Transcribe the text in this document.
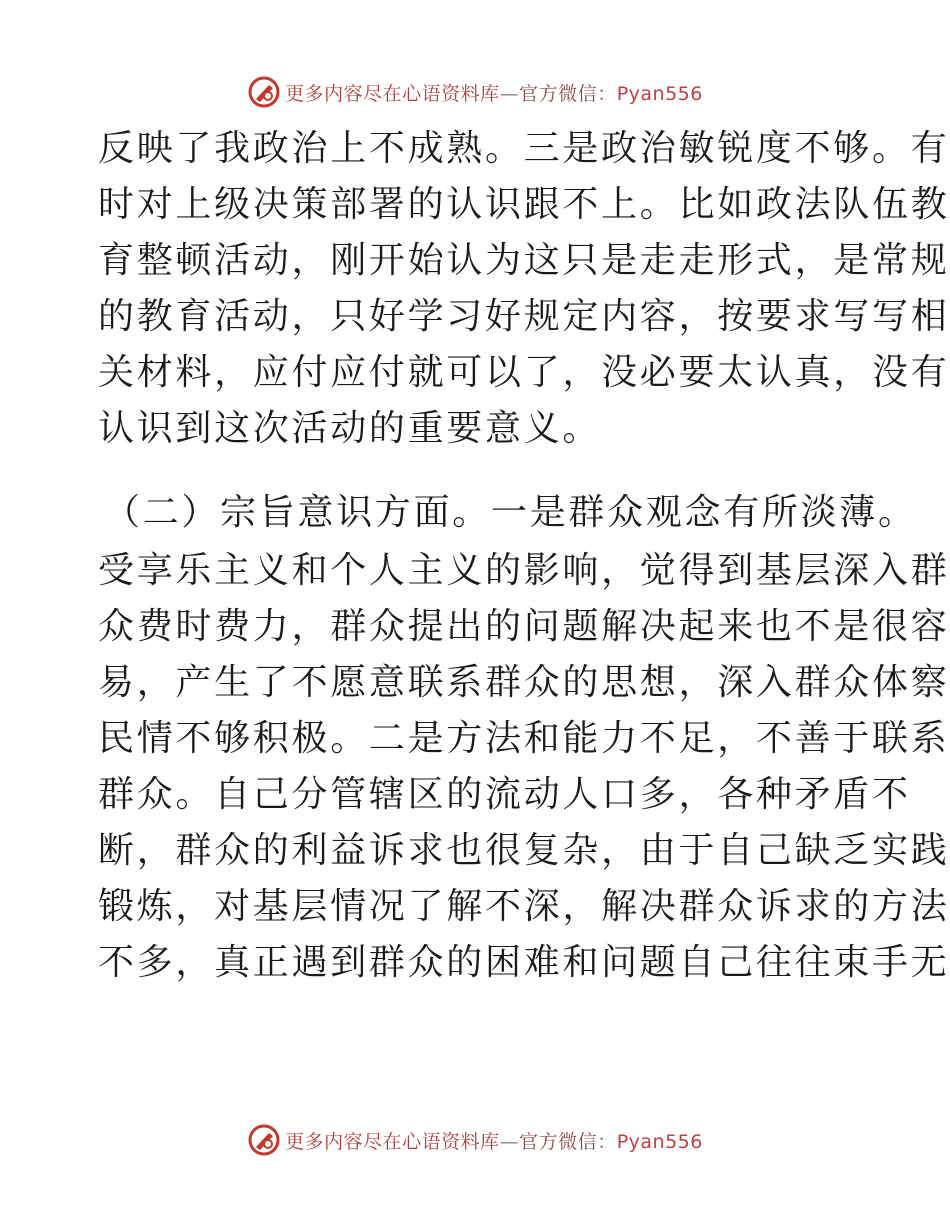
更多内容尽在心语资料库—官方微信：Pyan556
反映了我政治上不成熟。三是政治敏锐度不够。有
时对上级决策部署的认识跟不上。比如政法队伍教
育整顿活动，刚开始认为这只是走走形式，是常规
的教育活动，只好学习好规定内容，按要求写写相
关材料，应付应付就可以了，没必要太认真，没有
认识到这次活动的重要意义。
（二）宗旨意识方面。一是群众观念有所淡薄。
受享乐主义和个人主义的影响，觉得到基层深入群
众费时费力，群众提出的问题解决起来也不是很容
易，产生了不愿意联系群众的思想，深入群众体察
民情不够积极。二是方法和能力不足，不善于联系
群众。自己分管辖区的流动人口多，各种矛盾不
断，群众的利益诉求也很复杂，由于自己缺乏实践
锻炼，对基层情况了解不深，解决群众诉求的方法
不多，真正遇到群众的困难和问题自己往往束手无
更多内容尽在心语资料库—官方微信：Pyan556
